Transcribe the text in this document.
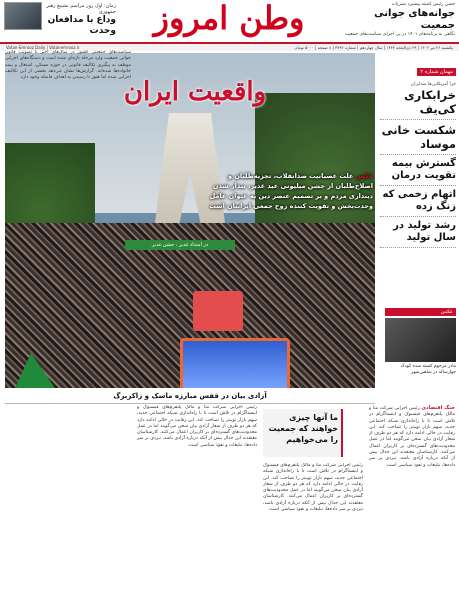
زمان: اول روز مراسم تشییع رهبر جمهوری
وداع با مدافعان وحدت	وطن امروز	جشن رئیس کمیته پیشبرد نشریات
جوانه‌های جوانی جمعیت
نگاهی به برنامه‌های ۱۴۰۱ در پی اجرای سیاست‌های جمعیت
یکشنبه ۲۶ تیر ۱۴۰۲ | ۲۹ ذی‌الحجه ۱۴۴۴ | سال چهاردهم | شماره ۳۷۹۲ | ۸ صفحه | ۵۰۰۰ تومان
Vatan-Emrooz Daily | Vatanemrooz.ir
در امتداد غدیر ، جشن غدیر
واقعیت ایران
عکس علت عصبانیت ضدانقلاب، تجزیه‌طلبان و اصلاح‌طلبان از جشن میلیونی عید غدیر، تبدار شدن دینداری مردم و بر تصمیم عنصر دین به عنوان عامل وحدت‌بخش و تقویت کننده روح جمعی ایرانیان است
مهمان شماره ۲
چرا آمریکایی‌ها ضدایران
خرابکاری کی‌یف
شکست خانی موساد
گسترش بیمه تقویت درمان
اتهام زخمی که زنگ زده
رشد تولید در سال تولید
عکس
مادر مرحوم کشته شده کودک چهارساله در شاهین‌شهر
آزادی بیان در قفس مبارزه ماسک و زاکربرگ
جنگ اقتصادی رئیس اجرایی شرکت متا و مالک پلتفرم‌های فیسبوک و اینستاگرام در تلاش است تا با راه‌اندازی شبکه اجتماعی جدید، سهم بازار توییتر را تصاحب کند. این رقابت در حالی ادامه دارد که هر دو طرف از شعار آزادی بیان سخن می‌گویند اما در عمل محدودیت‌های گسترده‌ای بر کاربران اعمال می‌کنند. کارشناسان معتقدند این جدال بیش از آنکه درباره آزادی باشد، نبردی بر سر داده‌ها، تبلیغات و نفوذ سیاسی است.
رئیس اجرایی شرکت متا و مالک پلتفرم‌های فیسبوک و اینستاگرام در تلاش است تا با راه‌اندازی شبکه اجتماعی جدید، سهم بازار توییتر را تصاحب کند. این رقابت در حالی ادامه دارد که هر دو طرف از شعار آزادی بیان سخن می‌گویند اما در عمل محدودیت‌های گسترده‌ای بر کاربران اعمال می‌کنند. کارشناسان معتقدند این جدال بیش از آنکه درباره آزادی باشد، نبردی بر سر داده‌ها، تبلیغات و نفوذ سیاسی است.
ما آنها چیزی خواهند که جمعیت را می‌خواهیم
رئیس اجرایی شرکت متا و مالک پلتفرم‌های فیسبوک و اینستاگرام در تلاش است تا با راه‌اندازی شبکه اجتماعی جدید، سهم بازار توییتر را تصاحب کند. این رقابت در حالی ادامه دارد که هر دو طرف از شعار آزادی بیان سخن می‌گویند اما در عمل محدودیت‌های گسترده‌ای بر کاربران اعمال می‌کنند. کارشناسان معتقدند این جدال بیش از آنکه درباره آزادی باشد، نبردی بر سر داده‌ها، تبلیغات و نفوذ سیاسی است.
سیاست‌های جمعیتی کشور در سال‌های اخیر با تصویب قانون جوانی جمعیت وارد مرحله تازه‌ای شده است و دستگاه‌های اجرایی موظف به پیگیری تکالیف قانونی در حوزه مسکن، اشتغال و بیمه خانواده‌ها شده‌اند. گزارش‌ها نشان می‌دهد بخشی از این تکالیف اجرایی شده اما هنوز تا رسیدن به اهداف فاصله وجود دارد.
